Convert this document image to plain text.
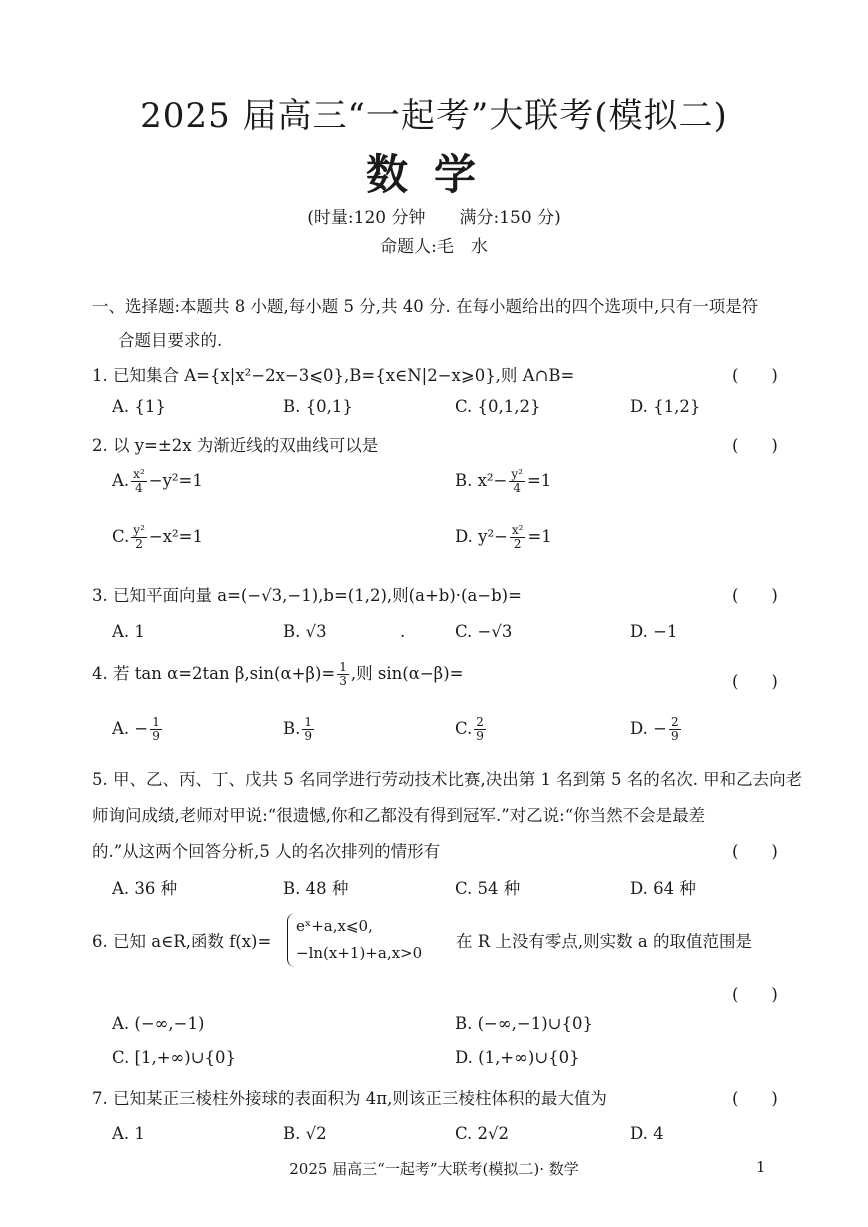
2025 届高三“一起考”大联考(模拟二)
数学
(时量:120 分钟　　满分:150 分)
命题人:毛　水
一、选择题:本题共 8 小题,每小题 5 分,共 40 分. 在每小题给出的四个选项中,只有一项是符
合题目要求的.
1. 已知集合 A={x|x²−2x−3⩽0},B={x∈N|2−x⩾0},则 A∩B=	(　　)
A. {1}	B. {0,1}	C. {0,1,2}	D. {1,2}
2. 以 y=±2x 为渐近线的双曲线可以是	(　　)
A. $\frac{\text{x²}}{4} -y^2=1$	B. $x^2- \frac{\text{y²}}{4} =1$
C. $\frac{\text{y²}}{2} -x^2=1$	D. $y^2- \frac{\text{x²}}{2} =1$
3. 已知平面向量 a=(−√3,−1),b=(1,2),则(a+b)·(a−b)=	(　　)
A. 1	B. √3	.	C. −√3	D. −1
4. 若 tan α=2tan $\beta,\sin(\alpha+\beta)= \frac{1}{3}$ ,则 sin(α−β)=	(　　)
A. − $\frac{1}{9}$	B. $\frac{1}{9}$	C. $\frac{2}{9}$	D. − $\frac{2}{9}$
5. 甲、乙、丙、丁、戊共 5 名同学进行劳动技术比赛,决出第 1 名到第 5 名的名次. 甲和乙去向老
师询问成绩,老师对甲说:“很遗憾,你和乙都没有得到冠军.”对乙说:“你当然不会是最差
的.”从这两个回答分析,5 人的名次排列的情形有	(　　)
A. 36 种	B. 48 种	C. 54 种	D. 64 种
6. 已知 a∈R,函数 f(x)=
eˣ+a,x⩽0,
−ln(x+1)+a,x>0
在 R 上没有零点,则实数 a 的取值范围是
(　　)
A. (−∞,−1)	B. (−∞,−1)∪{0}
C. [1,+∞)∪{0}	D. (1,+∞)∪{0}
7. 已知某正三棱柱外接球的表面积为 4π,则该正三棱柱体积的最大值为	(　　)
A. 1	B. √2	C. 2√2	D. 4
2025 届高三“一起考”大联考(模拟二)· 数学	1
